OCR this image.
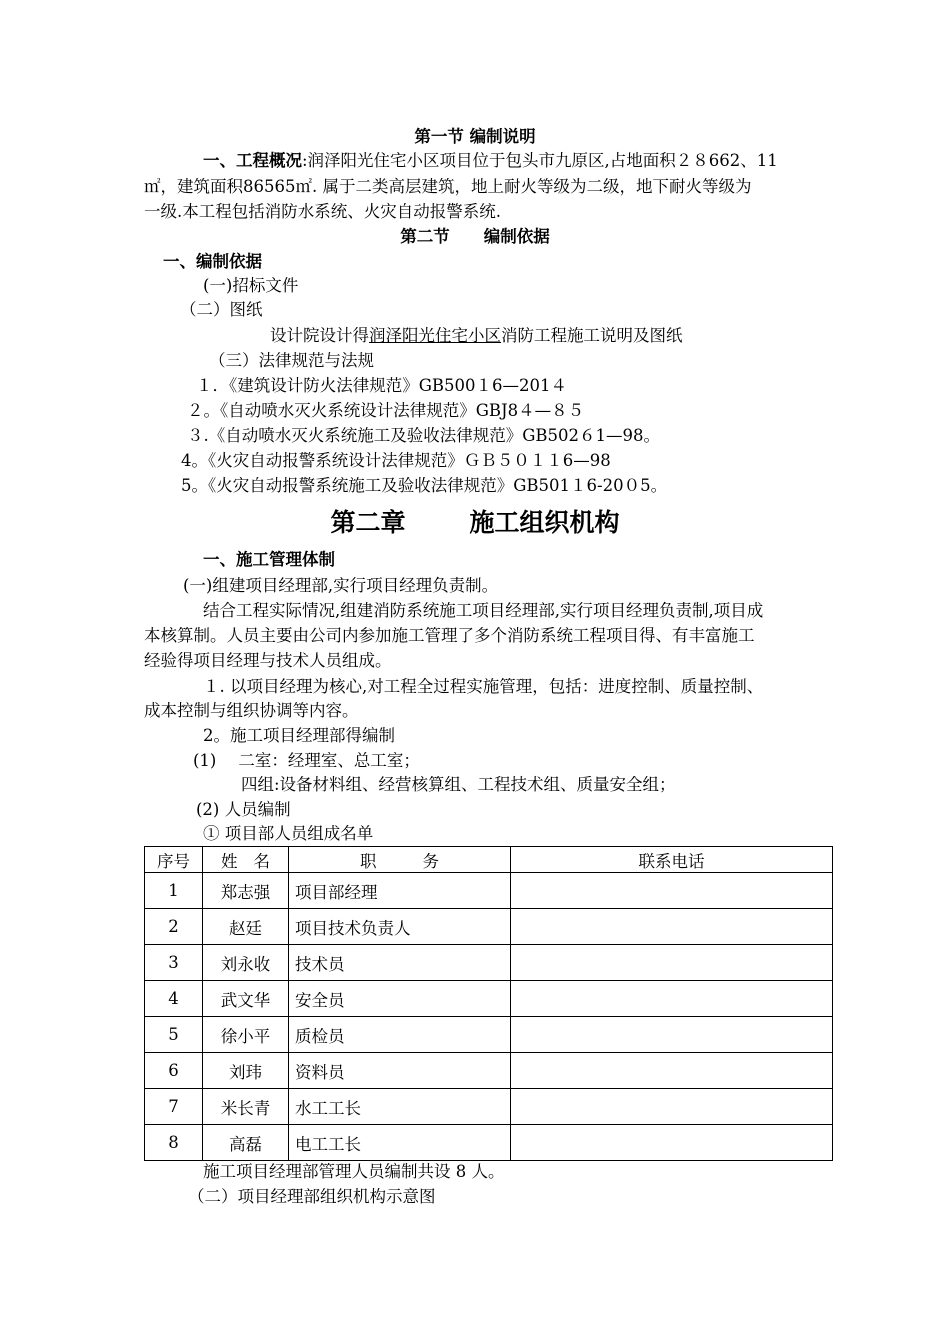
第一节 编制说明
一、工程概况:润泽阳光住宅小区项目位于包头市九原区,占地面积２８662、11
㎡，建筑面积86565㎡. 属于二类高层建筑，地上耐火等级为二级，地下耐火等级为
一级.本工程包括消防水系统、火灾自动报警系统.
第二节 编制依据
一、编制依据
(一)招标文件
（二）图纸
设计院设计得润泽阳光住宅小区消防工程施工说明及图纸
（三）法律规范与法规
１．《建筑设计防火法律规范》GB500１6—201４
２。《自动喷水灭火系统设计法律规范》GBJ8４—８５
３.《自动喷水灭火系统施工及验收法律规范》GB502６1—98。
4。《火灾自动报警系统设计法律规范》ＧＢ５０１１6—98
5。《火灾自动报警系统施工及验收法律规范》GB501１6-20０5。
第二章	施工组织机构
一、施工管理体制
(一)组建项目经理部,实行项目经理负责制。
结合工程实际情况,组建消防系统施工项目经理部,实行项目经理负责制,项目成
本核算制。人员主要由公司内参加施工管理了多个消防系统工程项目得、有丰富施工
经验得项目经理与技术人员组成。
１. 以项目经理为核心,对工程全过程实施管理，包括：进度控制、质量控制、
成本控制与组织协调等内容。
2。施工项目经理部得编制
(1) 二室：经理室、总工室；
四组:设备材料组、经营核算组、工程技术组、质量安全组；
(2) 人员编制
① 项目部人员组成名单
序号	姓 名	职 务	联系电话
1	郑志强	项目部经理	
2	赵廷	项目技术负责人	
3	刘永收	技术员	
4	武文华	安全员	
5	徐小平	质检员	
6	刘玮	资料员	
7	米长青	水工工长	
8	高磊	电工工长	
施工项目经理部管理人员编制共设 8 人。
（二）项目经理部组织机构示意图
